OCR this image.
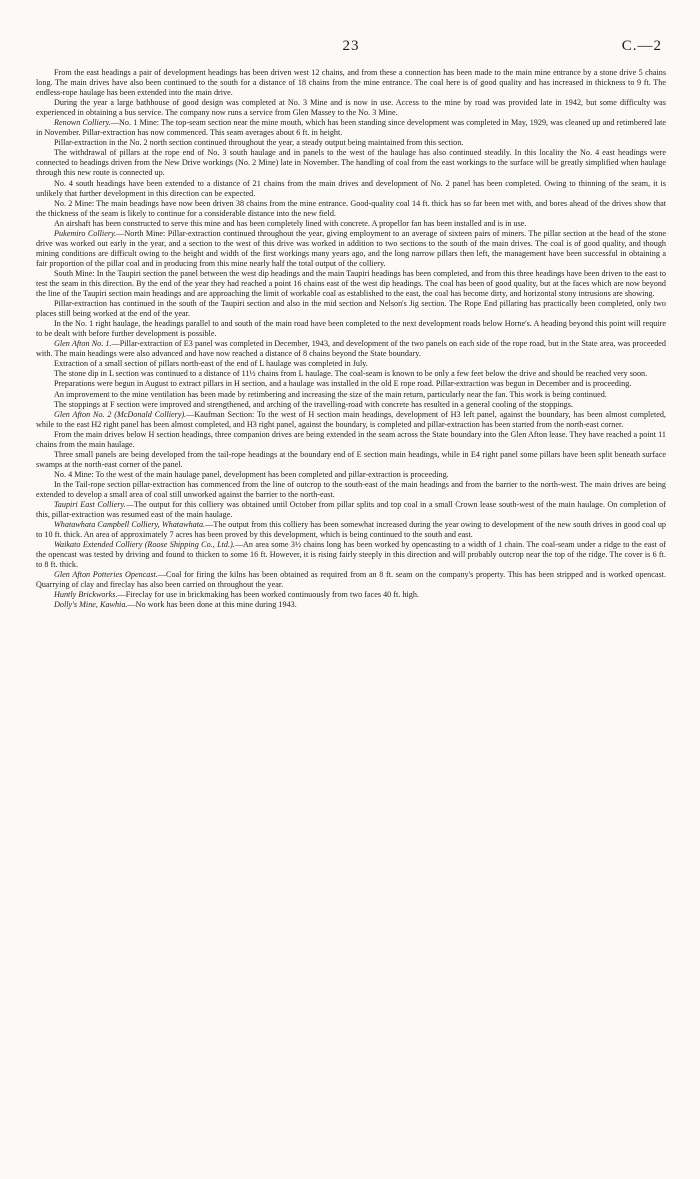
23	C.—2

From the east headings a pair of development headings has been driven west 12 chains, and from these a connection has been made to the main mine entrance by a stone drive 5 chains long. The main drives have also been continued to the south for a distance of 18 chains from the mine entrance. The coal here is of good quality and has increased in thickness to 9 ft. The endless-rope haulage has been extended into the main drive.

During the year a large bathhouse of good design was completed at No. 3 Mine and is now in use. Access to the mine by road was provided late in 1942, but some difficulty was experienced in obtaining a bus service. The company now runs a service from Glen Massey to the No. 3 Mine.

Renown Colliery.—No. 1 Mine: The top-seam section near the mine mouth, which has been standing since development was completed in May, 1929, was cleaned up and retimbered late in November. Pillar-extraction has now commenced. This seam averages about 6 ft. in height.

Pillar-extraction in the No. 2 north section continued throughout the year, a steady output being maintained from this section.

The withdrawal of pillars at the rope end of No. 3 south haulage and in panels to the west of the haulage has also continued steadily. In this locality the No. 4 east headings were connected to headings driven from the New Drive workings (No. 2 Mine) late in November. The handling of coal from the east workings to the surface will be greatly simplified when haulage through this new route is connected up.

No. 4 south headings have been extended to a distance of 21 chains from the main drives and development of No. 2 panel has been completed. Owing to thinning of the seam, it is unlikely that further development in this direction can be expected.

No. 2 Mine: The main headings have now been driven 38 chains from the mine entrance. Good-quality coal 14 ft. thick has so far been met with, and bores ahead of the drives show that the thickness of the seam is likely to continue for a considerable distance into the new field.

An airshaft has been constructed to serve this mine and has been completely lined with concrete. A propellor fan has been installed and is in use.

Pukemiro Colliery.—North Mine: Pillar-extraction continued throughout the year, giving employment to an average of sixteen pairs of miners. The pillar section at the head of the stone drive was worked out early in the year, and a section to the west of this drive was worked in addition to two sections to the south of the main drives. The coal is of good quality, and though mining conditions are difficult owing to the height and width of the first workings many years ago, and the long narrow pillars then left, the management have been successful in obtaining a fair proportion of the pillar coal and in producing from this mine nearly half the total output of the colliery.

South Mine: In the Taupiri section the panel between the west dip headings and the main Taupiri headings has been completed, and from this three headings have been driven to the east to test the seam in this direction. By the end of the year they had reached a point 16 chains east of the west dip headings. The coal has been of good quality, but at the faces which are now beyond the line of the Taupiri section main headings and are approaching the limit of workable coal as established to the east, the coal has become dirty, and horizontal stony intrusions are showing.

Pillar-extraction has continued in the south of the Taupiri section and also in the mid section and Nelson's Jig section. The Rope End pillaring has practically been completed, only two places still being worked at the end of the year.

In the No. 1 right haulage, the headings parallel to and south of the main road have been completed to the next development roads below Horne's. A heading beyond this point will require to be dealt with before further development is possible.

Glen Afton No. 1.—Pillar-extraction of E3 panel was completed in December, 1943, and development of the two panels on each side of the rope road, but in the State area, was proceeded with. The main headings were also advanced and have now reached a distance of 8 chains beyond the State boundary.

Extraction of a small section of pillars north-east of the end of L haulage was completed in July.

The stone dip in L section was continued to a distance of 11½ chains from L haulage. The coal-seam is known to be only a few feet below the drive and should be reached very soon.

Preparations were begun in August to extract pillars in H section, and a haulage was installed in the old E rope road. Pillar-extraction was begun in December and is proceeding.

An improvement to the mine ventilation has been made by retimbering and increasing the size of the main return, particularly near the fan. This work is being continued.

The stoppings at F section were improved and strengthened, and arching of the travelling-road with concrete has resulted in a general cooling of the stoppings.

Glen Afton No. 2 (McDonald Colliery).—Kaufman Section: To the west of H section main headings, development of H3 left panel, against the boundary, has been almost completed, while to the east H2 right panel has been almost completed, and H3 right panel, against the boundary, is completed and pillar-extraction has been started from the north-east corner.

From the main drives below H section headings, three companion drives are being extended in the seam across the State boundary into the Glen Afton lease. They have reached a point 11 chains from the main haulage.

Three small panels are being developed from the tail-rope headings at the boundary end of E section main headings, while in E4 right panel some pillars have been split beneath surface swamps at the north-east corner of the panel.

No. 4 Mine: To the west of the main haulage panel, development has been completed and pillar-extraction is proceeding.

In the Tail-rope section pillar-extraction has commenced from the line of outcrop to the south-east of the main headings and from the barrier to the north-west. The main drives are being extended to develop a small area of coal still unworked against the barrier to the north-east.

Taupiri East Colliery.—The output for this colliery was obtained until October from pillar splits and top coal in a small Crown lease south-west of the main haulage. On completion of this, pillar-extraction was resumed east of the main haulage.

Whatawhata Campbell Colliery, Whatawhata.—The output from this colliery has been somewhat increased during the year owing to development of the new south drives in good coal up to 10 ft. thick. An area of approximately 7 acres has been proved by this development, which is being continued to the south and east.

Waikato Extended Colliery (Roose Shipping Co., Ltd.).—An area some 3½ chains long has been worked by opencasting to a width of 1 chain. The coal-seam under a ridge to the east of the opencast was tested by driving and found to thicken to some 16 ft. However, it is rising fairly steeply in this direction and will probably outcrop near the top of the ridge. The cover is 6 ft. to 8 ft. thick.

Glen Afton Potteries Opencast.—Coal for firing the kilns has been obtained as required from an 8 ft. seam on the company's property. This has been stripped and is worked opencast. Quarrying of clay and fireclay has also been carried on throughout the year.

Huntly Brickworks.—Fireclay for use in brickmaking has been worked continuously from two faces 40 ft. high.

Dolly's Mine, Kawhia.—No work has been done at this mine during 1943.
